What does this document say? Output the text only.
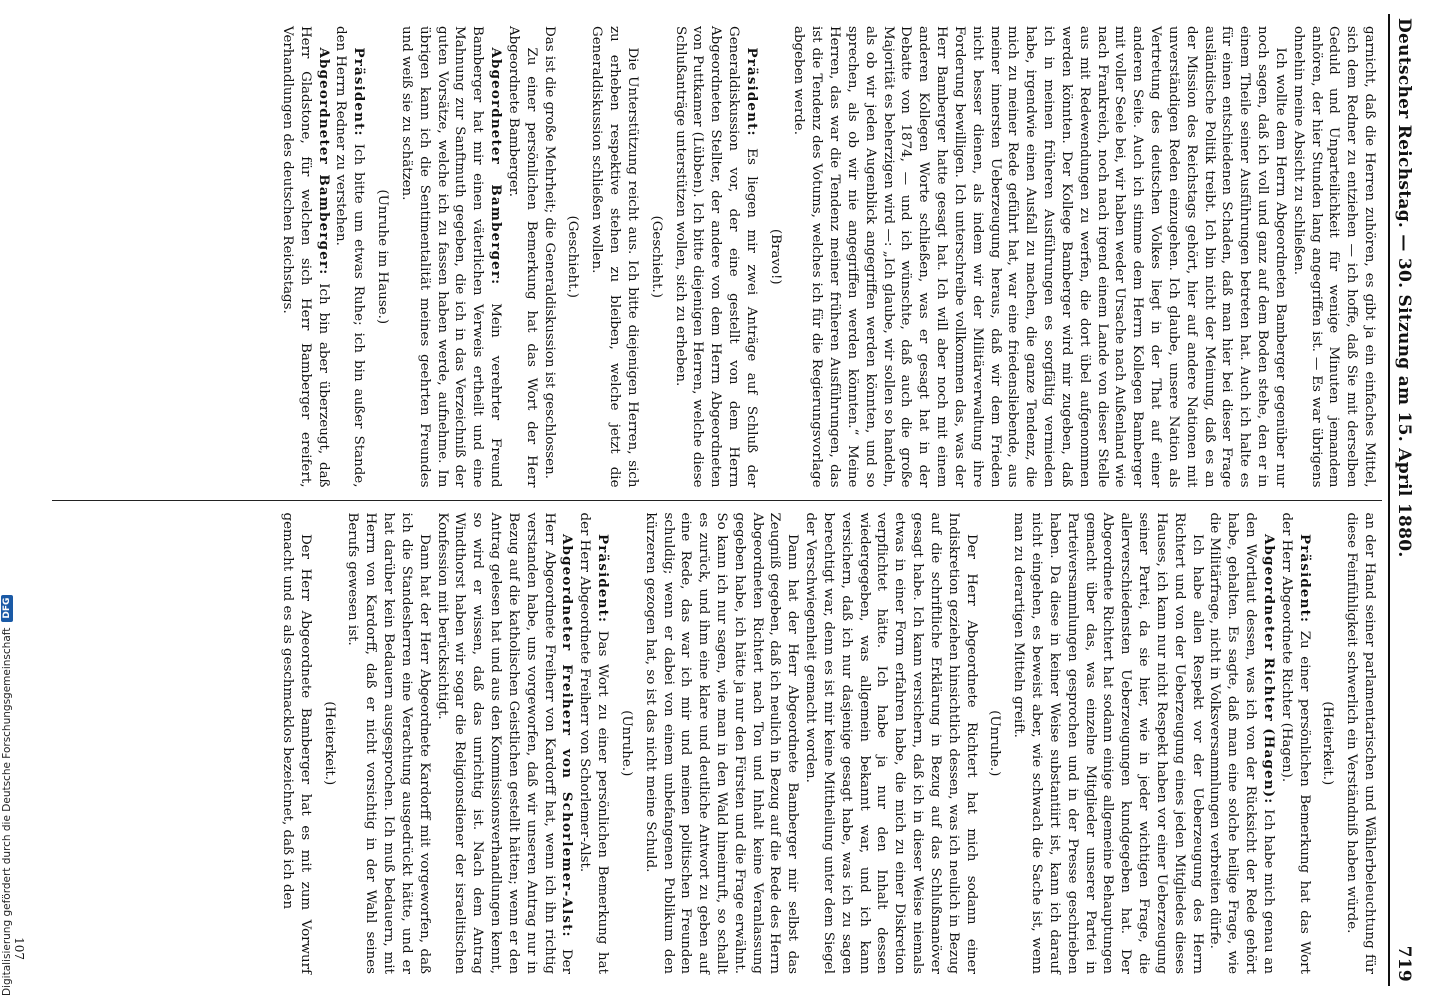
Digitalisierung gefördert durch die Deutsche Forschungsgemeinschaft
DFG
Deutscher Reichstag. — 30. Sitzung am 15. April 1880.
719

garnicht, daß die Herren zuhören, es gibt ja ein einfaches Mittel, sich dem Redner zu entziehen — ich hoffe, daß Sie mit derselben Geduld und Unparteilichkeit für wenige Minuten jemandem anhören, der hier Stunden lang angegriffen ist. — Es war übrigens ohnehin meine Absicht zu schließen.

Ich wollte dem Herrn Abgeordneten Bamberger gegenüber nur noch sagen, daß ich voll und ganz auf dem Boden stehe, den er in einem Theile seiner Ausführungen betreten hat. Auch ich halte es für einen entschiedenen Schaden, daß man hier bei dieser Frage ausländische Politik treibt. Ich bin nicht der Meinung, daß es an der Mission des Reichstags gehört, hier auf andere Nationen mit unverständigen Reden einzugehen. Ich glaube, unsere Nation als Vertretung des deutschen Volkes liegt in der That auf einer anderen Seite. Auch ich stimme dem Herrn Kollegen Bamberger mit voller Seele bei, wir haben weder Ursache nach Außenland wie nach Frankreich, noch nach irgend einem Lande von dieser Stelle aus mit Redewendungen zu werfen, die dort übel aufgenommen werden könnten. Der Kollege Bamberger wird mir zugeben, daß ich in meinen früheren Ausführungen es sorgfältig vermieden habe, irgendwie einen Ausfall zu machen, die ganze Tendenz, die mich zu meiner Rede geführt hat, war eine friedensliebende, aus meiner innersten Ueberzeugung heraus, daß wir dem Frieden nicht besser dienen, als indem wir der Militärverwaltung ihre Forderung bewilligen. Ich unterschreibe vollkommen das, was der Herr Bamberger hatte gesagt hat. Ich will aber noch mit einem anderen Kollegen Worte schließen, was er gesagt hat in der Debatte von 1874, — und ich wünschte, daß auch die große Majorität es beherzigen wird —: „Ich glaube, wir sollen so handeln, als ob wir jeden Augenblick angegriffen werden könnten, und so sprechen, als ob wir nie angegriffen werden könnten.“ Meine Herren, das war die Tendenz meiner früheren Ausführungen, das ist die Tendenz des Votums, welches ich für die Regierungsvorlage abgeben werde.

(Bravo!)

Präsident: Es liegen mir zwei Anträge auf Schluß der Generaldiskussion vor, der eine gestellt von dem Herrn Abgeordneten Stellter, der andere von dem Herrn Abgeordneten von Puttkamer (Lübben). Ich bitte diejenigen Herren, welche diese Schlußanträge unterstützen wollen, sich zu erheben.

(Geschieht.)

Die Unterstützung reicht aus. Ich bitte diejenigen Herren, sich zu erheben respektive stehen zu bleiben, welche jetzt die Generaldiskussion schließen wollen.

(Geschieht.)

Das ist die große Mehrheit; die Generaldiskussion ist geschlossen.

Zu einer persönlichen Bemerkung hat das Wort der Herr Abgeordnete Bamberger.

Abgeordneter Bamberger: Mein verehrter Freund Bamberger hat mir einen väterlichen Verweis ertheilt und eine Mahnung zur Sanftmuth gegeben, die ich in das Verzeichniß der guten Vorsätze, welche ich zu fassen haben werde, aufnehme. Im übrigen kann ich die Sentimentalität meines geehrten Freundes und weiß sie zu schätzen.

(Unruhe im Hause.)

Präsident: Ich bitte um etwas Ruhe; ich bin außer Stande, den Herrn Redner zu verstehen.

Abgeordneter Bamberger: Ich bin aber überzeugt, daß Herr Gladstone, für welchen sich Herr Bamberger ereifert, Verhandlungen des deutschen Reichstags.

an der Hand seiner parlamentarischen und Wählerbeleuchtung für diese Feinfühligkeit schwerlich ein Verständniß haben würde.

(Heiterkeit.)

Präsident: Zu einer persönlichen Bemerkung hat das Wort der Herr Abgeordnete Richter (Hagen).

Abgeordneter Richter (Hagen): Ich habe mich genau an den Wortlaut dessen, was ich von der Rücksicht der Rede gehört habe, gehalten. Es sagte, daß man eine solche heilige Frage, wie die Militärfrage, nicht in Volksversammlungen verbreiten dürfe.

Ich habe allen Respekt vor der Ueberzeugung des Herrn Richtert und von der Ueberzeugung eines jeden Mitgliedes dieses Hauses, ich kann nur nicht Respekt haben vor einer Ueberzeugung seiner Partei, da sie hier, wie in jeder wichtigen Frage, die allerverschiedensten Ueberzeugungen kundgegeben hat. Der Abgeordnete Richtert hat sodann einige allgemeine Behauptungen gemacht über das, was einzelne Mitglieder unserer Partei in Parteiversammlungen gesprochen und in der Presse geschrieben haben. Da diese in keiner Weise substantiirt ist, kann ich darauf nicht eingehen, es beweist aber, wie schwach die Sache ist, wenn man zu derartigen Mitteln greift.

(Unruhe.)

Der Herr Abgeordnete Richtert hat mich sodann einer Indiskretion geziehen hinsichtlich dessen, was ich neulich in Bezug auf die schriftliche Erklärung in Bezug auf das Schlußmanöver gesagt habe. Ich kann versichern, daß ich in dieser Weise niemals etwas in einer Form erfahren habe, die mich zu einer Diskretion verpflichtet hätte. Ich habe ja nur den Inhalt dessen wiedergegeben, was allgemein bekannt war, und ich kann versichern, daß ich nur dasjenige gesagt habe, was ich zu sagen berechtigt war, denn es ist mir keine Mittheilung unter dem Siegel der Verschwiegenheit gemacht worden.

Dann hat der Herr Abgeordnete Bamberger mir selbst das Zeugniß gegeben, daß ich neulich in Bezug auf die Rede des Herrn Abgeordneten Richtert nach Ton und Inhalt keine Veranlassung gegeben habe, ich hätte ja nur den Fürsten und die Frage erwähnt. So kann ich nur sagen, wie man in den Wald hineinruft, so schallt es zurück, und ihm eine klare und deutliche Antwort zu geben auf eine Rede, das war ich mir und meinen politischen Freunden schuldig; wenn er dabei von einem unbefangenen Publikum den kürzeren gezogen hat, so ist das nicht meine Schuld.

(Unruhe.)

Präsident: Das Wort zu einer persönlichen Bemerkung hat der Herr Abgeordnete Freiherr von Schorlemer-Alst.

Abgeordneter Freiherr von Schorlemer-Alst: Der Herr Abgeordnete Freiherr von Kardorff hat, wenn ich ihn richtig verstanden habe, uns vorgeworfen, daß wir unseren Antrag nur in Bezug auf die katholischen Geistlichen gestellt hätten; wenn er den Antrag gelesen hat und aus den Kommissionsverhandlungen kennt, so wird er wissen, daß das unrichtig ist. Nach dem Antrag Windthorst haben wir sogar die Religionsdiener der israelitischen Konfession mit berücksichtigt.

Dann hat der Herr Abgeordnete Kardorff mit vorgeworfen, daß ich die Standesherren eine Verachtung ausgedrückt hätte, und er hat darüber kein Bedauern ausgesprochen. Ich muß bedauern, mit Herrn von Kardorff, daß er nicht vorsichtig in der Wahl seines Berufs gewesen ist.

(Heiterkeit.)

Der Herr Abgeordnete Bamberger hat es mit zum Vorwurf gemacht und es als geschmacklos bezeichnet, daß ich den

107
